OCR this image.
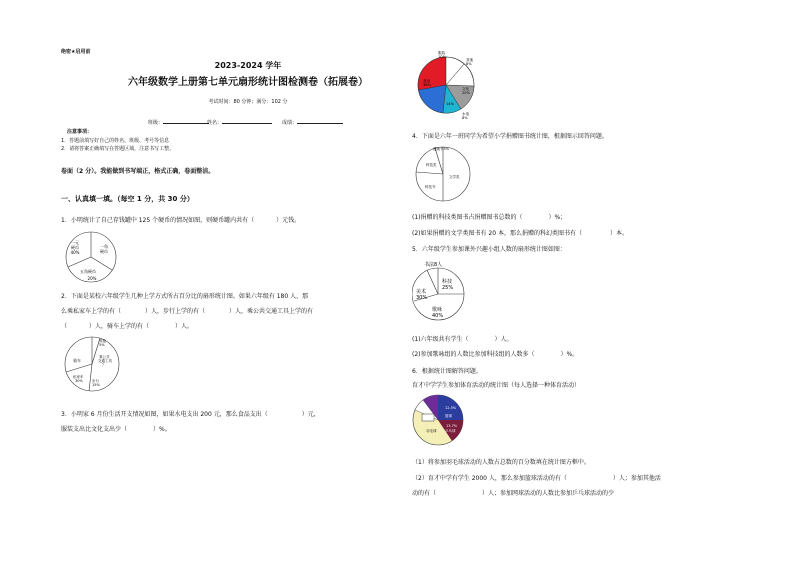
绝密★启用前
2023-2024 学年
六年级数学上册第七单元扇形统计图检测卷（拓展卷）
考试时间：80 分钟；满分：102 分
班级：	姓名：	成绩：
注意事项：
1．答题前填写好自己的姓名、班级、考号等信息
2．请将答案正确填写在答题区域，注意书写工整。
卷面（2 分）。我能做到书写端正，格式正确，卷面整洁。
一、认真填一填。（每空 1 分，共 30 分）
1．小明统计了自己存钱罐中 125 个硬币的情况如图，则硬币罐内共有（	）元钱。
一元硬币 40%
一角硬币
五角硬币
20%
2．下面是某校六年级学生几种上学方式所占百分比的扇形统计图。如果六年级有 180 人，那
么乘私家车上学的有（	）人，步行上学的有（	）人，乘公共交通工具上学的有
（	）人，骑车上学的有（	）人。
其他 5%
骑车
私家车 30%	步行 15%
乘公共交通工具？
3．小明家 6 月份生活开支情况如图，如果水电支出 200 元，那么食品支出（	）元，
服装支出比文化支出少（	）%。
服装 10%
其他 8%
食品 38%
文化 20%
14%
水电 8%
4．下面是六年一班同学为希望小学捐赠图书统计图，根据图示回答问题。
漫画书5%
科技类
文学类
科技书
(1)捐赠的科技类图书占捐赠图书总数的（	）%；
(2)如果捐赠的文学类图书有 20 本，那么捐赠的科幻类图书有（	）本。
5．六年级学生参加课外兴趣小组人数的扇形统计图如图：
书法8人
科技 25%
美术 30%
歌咏 40%
(1)六年级共有学生（	）人。
(2)参加歌咏组的人数比参加科技组的人数多（	）%。
6．根据统计图解答问题。
育才中学学生参加体育活动的统计图（每人选择一种体育活动）
12.5%
篮球
13.7%
乒乓球
羽毛球
（1）将参加羽毛球活动的人数占总数的百分数填在统计图方框中。
（2）育才中学有学生 2000 人，那么参加篮球活动的有（	）人；参加其他活
动的有（	）人；参加网球活动的人数比参加乒乓球活动的少
